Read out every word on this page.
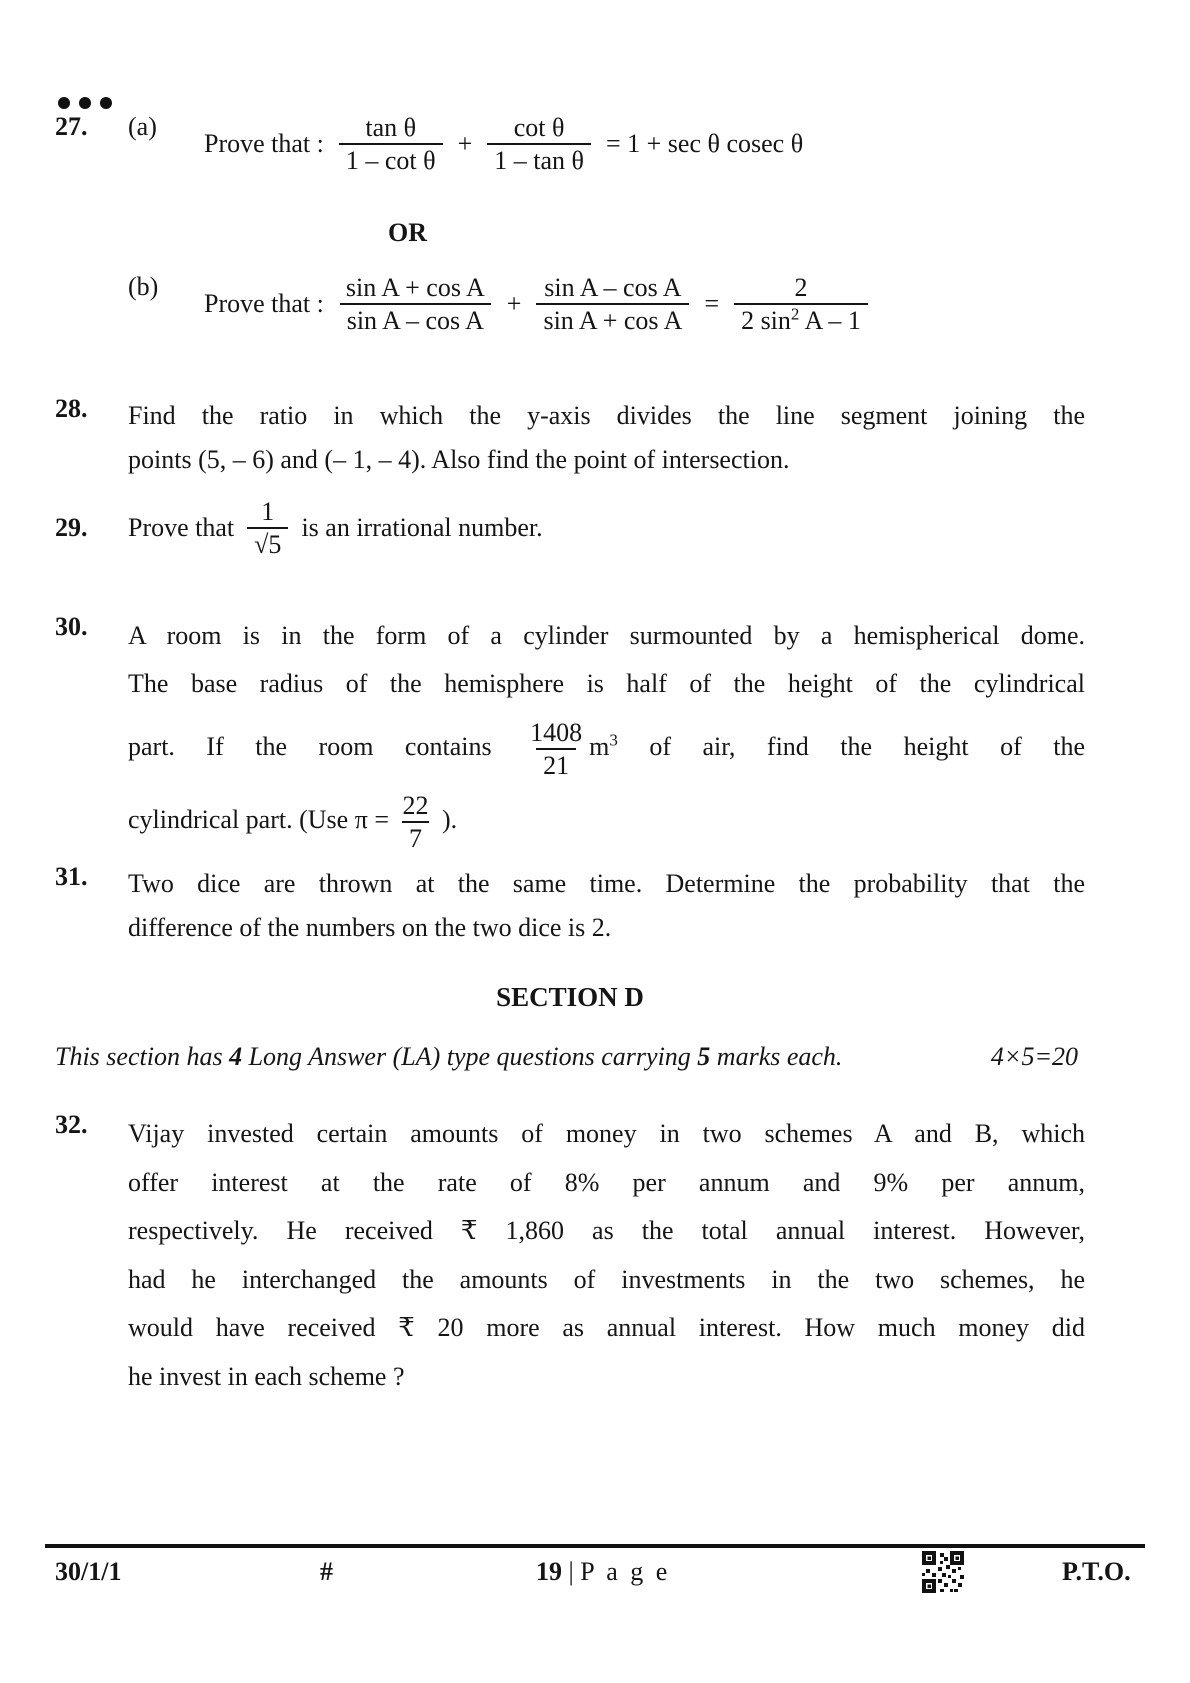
27.	(a)
Prove that : $\frac{\text{tan θ}}{\text{1 – cot θ}} + \frac{\text{cot θ}}{\text{1 – tan θ}} = 1 + \sec \theta$ cosec θ
OR
(b)
Prove that : $\frac{\text{sin A + cos A}}{\text{sin A – cos A}} + \frac{\text{sin A – cos A}}{\text{sin A + cos A}} = \frac{2}{2 \sin^2 A - 1}$
28.	Find the ratio in which the y-axis divides the line segment joining the

points (5, – 6) and (– 1, – 4). Also find the point of intersection.

29.	Prove that $\frac{1}{√5}$ is an irrational number.
30.	A room is in the form of a cylinder surmounted by a hemispherical dome.

The base radius of the hemisphere is half of the height of the cylindrical

part. If the room contains $\frac{1408}{21} m^3$ of air, find the height of the

cylindrical part. (Use $\pi = \frac{22}{7}$ ).

31.	Two dice are thrown at the same time. Determine the probability that the

difference of the numbers on the two dice is 2.

SECTION D
This section has 4 Long Answer (LA) type questions carrying 5 marks each.	4×5=20
32.	Vijay invested certain amounts of money in two schemes A and B, which

offer interest at the rate of 8% per annum and 9% per annum,

respectively. He received ₹ 1,860 as the total annual interest. However,

had he interchanged the amounts of investments in the two schemes, he

would have received ₹ 20 more as annual interest. How much money did

he invest in each scheme ?

30/1/1	#	19 | P a g e	P.T.O.
